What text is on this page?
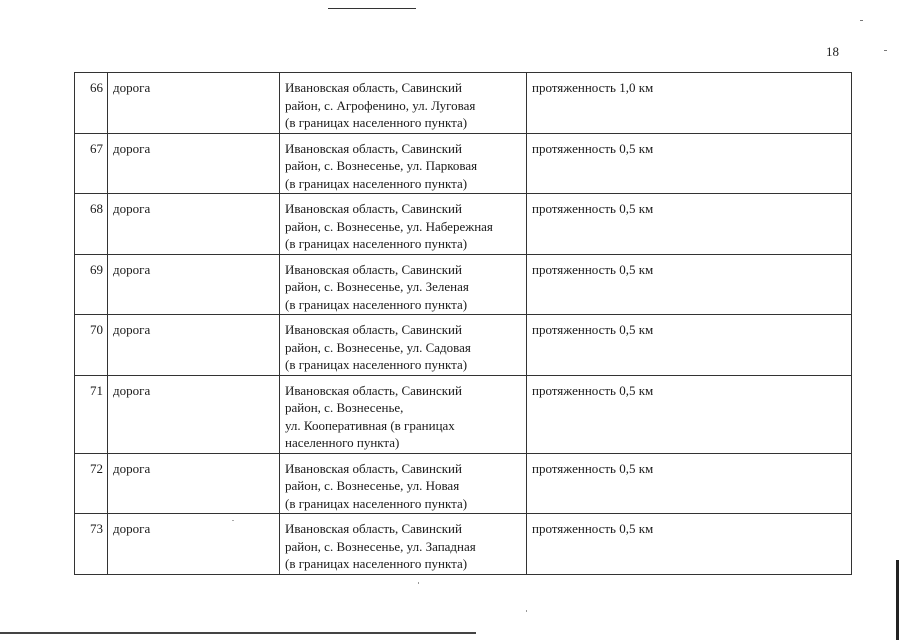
18
66	дорога	Ивановская область, Савинский
район, с. Агрофенино, ул. Луговая
(в границах населенного пункта)	протяженность 1,0 км
67	дорога	Ивановская область, Савинский
район, с. Вознесенье, ул. Парковая
(в границах населенного пункта)	протяженность 0,5 км
68	дорога	Ивановская область, Савинский
район, с. Вознесенье, ул. Набережная
(в границах населенного пункта)	протяженность 0,5 км
69	дорога	Ивановская область, Савинский
район, с. Вознесенье, ул. Зеленая
(в границах населенного пункта)	протяженность 0,5 км
70	дорога	Ивановская область, Савинский
район, с. Вознесенье, ул. Садовая
(в границах населенного пункта)	протяженность 0,5 км
71	дорога	Ивановская область, Савинский
район, с. Вознесенье,
ул. Кооперативная (в границах
населенного пункта)	протяженность 0,5 км
72	дорога	Ивановская область, Савинский
район, с. Вознесенье, ул. Новая
(в границах населенного пункта)	протяженность 0,5 км
73	дорога	Ивановская область, Савинский
район, с. Вознесенье, ул. Западная
(в границах населенного пункта)	протяженность 0,5 км
